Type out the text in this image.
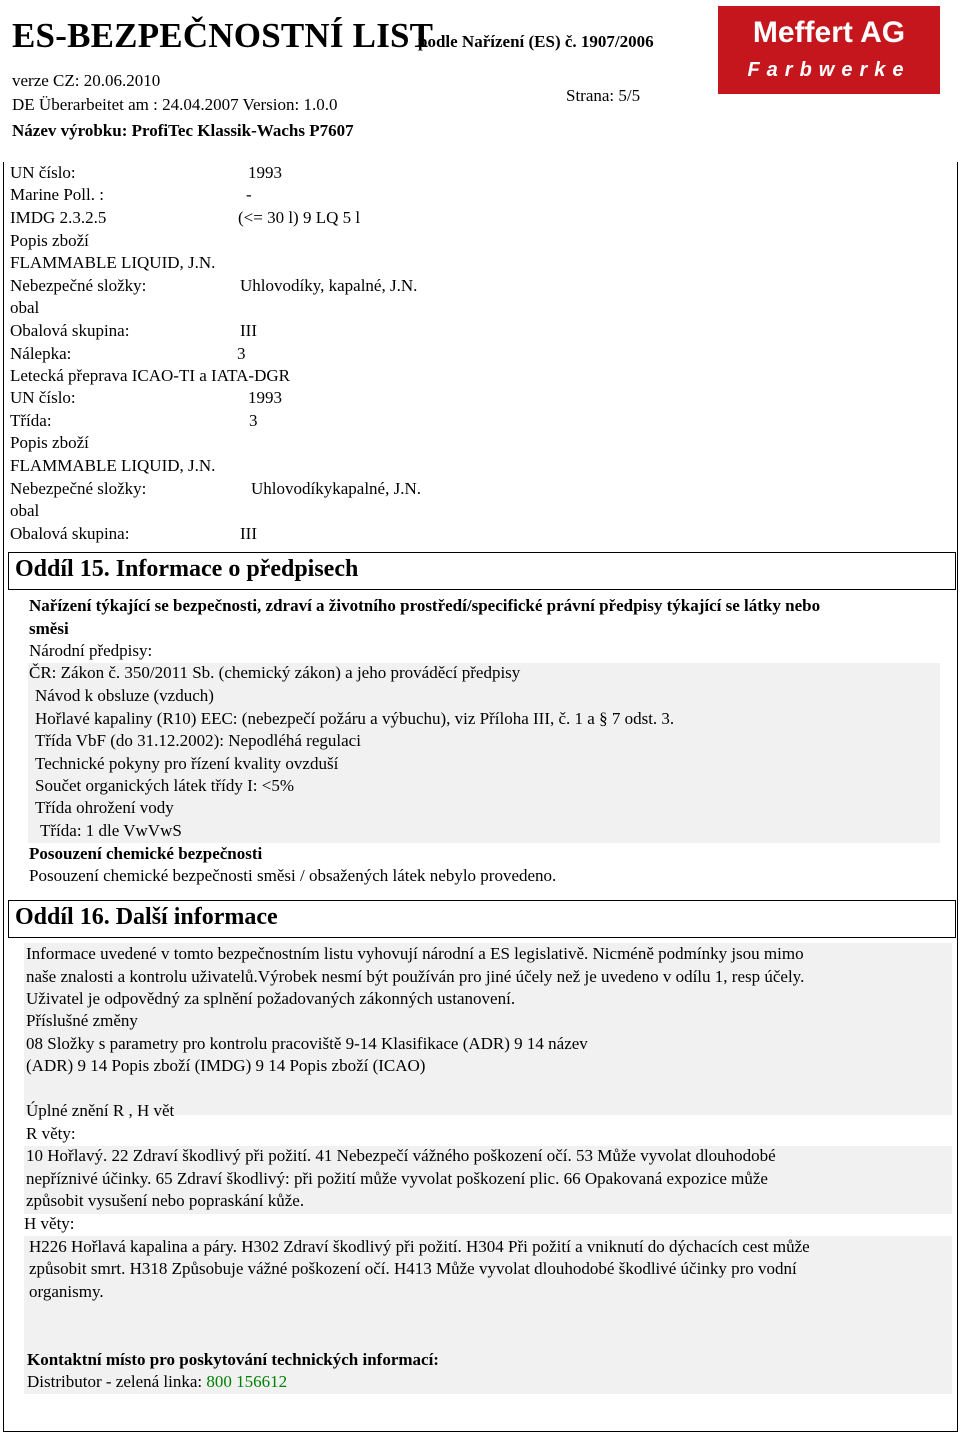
ES-BEZPEČNOSTNÍ LIST
podle Nařízení (ES) č. 1907/2006
verze CZ: 20.06.2010
DE Überarbeitet am : 24.04.2007 Version: 1.0.0	Strana: 5/5
Název výrobku: ProfiTec Klassik-Wachs P7607
Meffert AG
Farbwerke
UN číslo:	1993
Marine Poll. :	-
IMDG 2.3.2.5	(<= 30 l) 9 LQ 5 l
Popis zboží
FLAMMABLE LIQUID, J.N.
Nebezpečné složky:	Uhlovodíky, kapalné, J.N.
obal
Obalová skupina:	III
Nálepka:	3
Letecká přeprava ICAO-TI a IATA-DGR
UN číslo:	1993
Třída:	3
Popis zboží
FLAMMABLE LIQUID, J.N.
Nebezpečné složky:	Uhlovodíkykapalné, J.N.
obal
Obalová skupina:	III
Oddíl 15. Informace o předpisech
Nařízení týkající se bezpečnosti, zdraví a životního prostředí/specifické právní předpisy týkající se látky nebo
směsi
Národní předpisy:
ČR: Zákon č. 350/2011 Sb. (chemický zákon) a jeho prováděcí předpisy
Návod k obsluze (vzduch)
Hořlavé kapaliny (R10) EEC: (nebezpečí požáru a výbuchu), viz Příloha III, č. 1 a § 7 odst. 3.
Třída VbF (do 31.12.2002): Nepodléhá regulaci
Technické pokyny pro řízení kvality ovzduší
Součet organických látek třídy I: <5%
Třída ohrožení vody
Třída: 1 dle VwVwS
Posouzení chemické bezpečnosti
Posouzení chemické bezpečnosti směsi / obsažených látek nebylo provedeno.
Oddíl 16. Další informace
Informace uvedené v tomto bezpečnostním listu vyhovují národní a ES legislativě. Nicméně podmínky jsou mimo
naše znalosti a kontrolu uživatelů.Výrobek nesmí být používán pro jiné účely než je uvedeno v odílu 1, resp účely.
Uživatel je odpovědný za splnění požadovaných zákonných ustanovení.
Příslušné změny
08 Složky s parametry pro kontrolu pracoviště 9-14 Klasifikace (ADR) 9 14 název
(ADR) 9 14 Popis zboží (IMDG) 9 14 Popis zboží (ICAO)
Úplné znění R , H vět
R věty:
10 Hořlavý. 22 Zdraví škodlivý při požití. 41 Nebezpečí vážného poškození očí. 53 Může vyvolat dlouhodobé
nepříznivé účinky. 65 Zdraví škodlivý: při požití může vyvolat poškození plic. 66 Opakovaná expozice může
způsobit vysušení nebo popraskání kůže.
H věty:
H226 Hořlavá kapalina a páry. H302 Zdraví škodlivý při požití. H304 Při požití a vniknutí do dýchacích cest může
způsobit smrt. H318 Způsobuje vážné poškození očí. H413 Může vyvolat dlouhodobé škodlivé účinky pro vodní
organismy.
Kontaktní místo pro poskytování technických informací:
Distributor - zelená linka: 800 156612
